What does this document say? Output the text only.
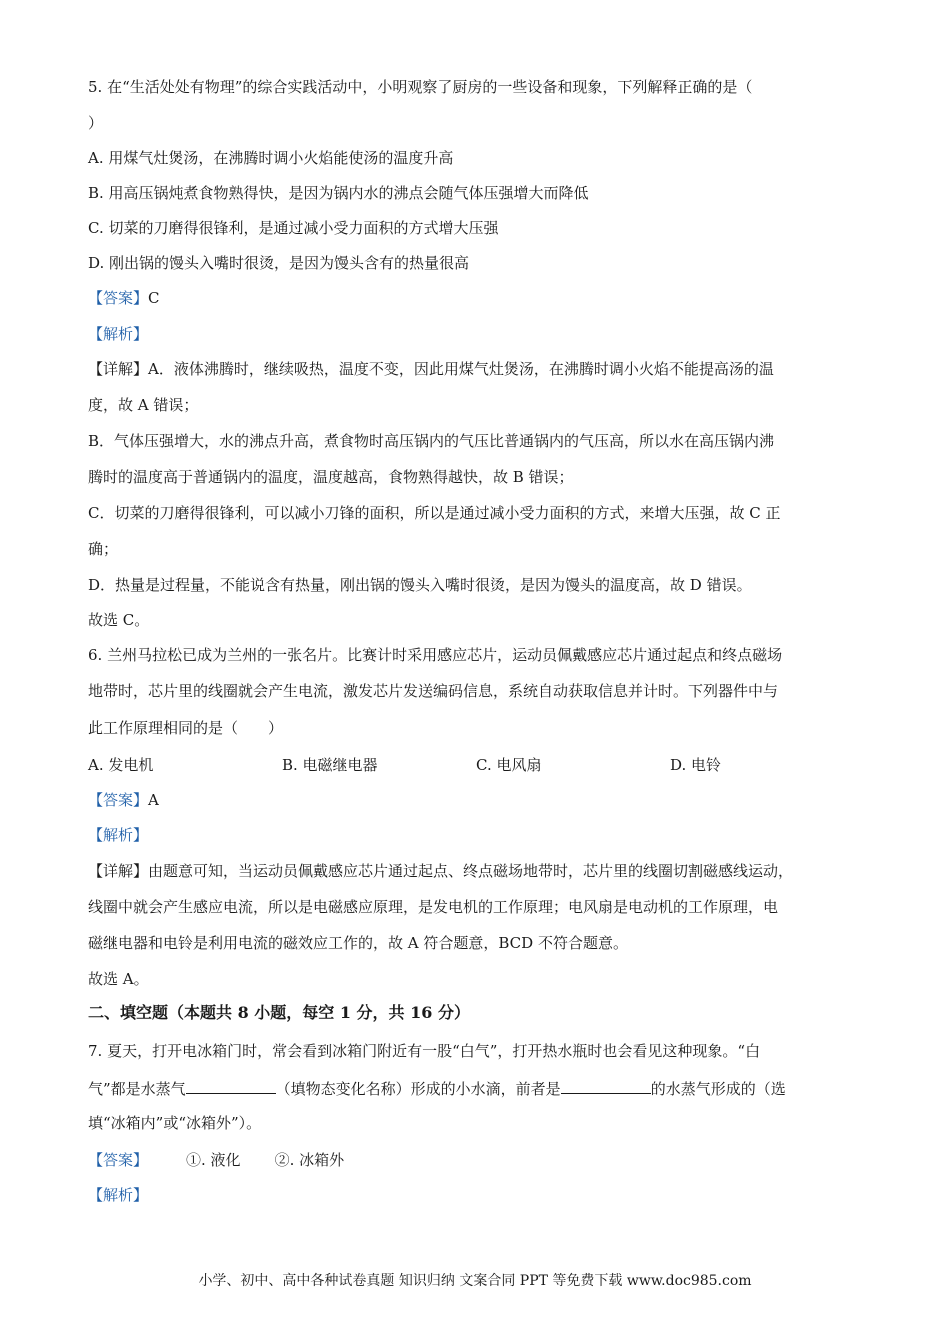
5. 在“生活处处有物理”的综合实践活动中，小明观察了厨房的一些设备和现象，下列解释正确的是（
）
A. 用煤气灶煲汤，在沸腾时调小火焰能使汤的温度升高
B. 用高压锅炖煮食物熟得快，是因为锅内水的沸点会随气体压强增大而降低
C. 切菜的刀磨得很锋利，是通过减小受力面积的方式增大压强
D. 刚出锅的馒头入嘴时很烫，是因为馒头含有的热量很高
【答案】C
【解析】
【详解】A．液体沸腾时，继续吸热，温度不变，因此用煤气灶煲汤，在沸腾时调小火焰不能提高汤的温
度，故 A 错误；
B．气体压强增大，水的沸点升高，煮食物时高压锅内的气压比普通锅内的气压高，所以水在高压锅内沸
腾时的温度高于普通锅内的温度，温度越高，食物熟得越快，故 B 错误；
C．切菜的刀磨得很锋利，可以减小刀锋的面积，所以是通过减小受力面积的方式，来增大压强，故 C 正
确；
D．热量是过程量，不能说含有热量，刚出锅的馒头入嘴时很烫，是因为馒头的温度高，故 D 错误。
故选 C。
6. 兰州马拉松已成为兰州的一张名片。比赛计时采用感应芯片，运动员佩戴感应芯片通过起点和终点磁场
地带时，芯片里的线圈就会产生电流，激发芯片发送编码信息，系统自动获取信息并计时。下列器件中与
此工作原理相同的是（　　）
A. 发电机	B. 电磁继电器	C. 电风扇	D. 电铃
【答案】A
【解析】
【详解】由题意可知，当运动员佩戴感应芯片通过起点、终点磁场地带时，芯片里的线圈切割磁感线运动，
线圈中就会产生感应电流，所以是电磁感应原理，是发电机的工作原理；电风扇是电动机的工作原理，电
磁继电器和电铃是利用电流的磁效应工作的，故 A 符合题意，BCD 不符合题意。
故选 A。
二、填空题（本题共 8 小题，每空 1 分，共 16 分）
7. 夏天，打开电冰箱门时，常会看到冰箱门附近有一股“白气”，打开热水瓶时也会看见这种现象。“白
气”都是水蒸气	（填物态变化名称）形成的小水滴，前者是	的水蒸气形成的（选
填“冰箱内”或“冰箱外”）。
【答案】	①. 液化 ②. 冰箱外
【解析】
小学、初中、高中各种试卷真题 知识归纳 文案合同 PPT 等免费下载 www.doc985.com
